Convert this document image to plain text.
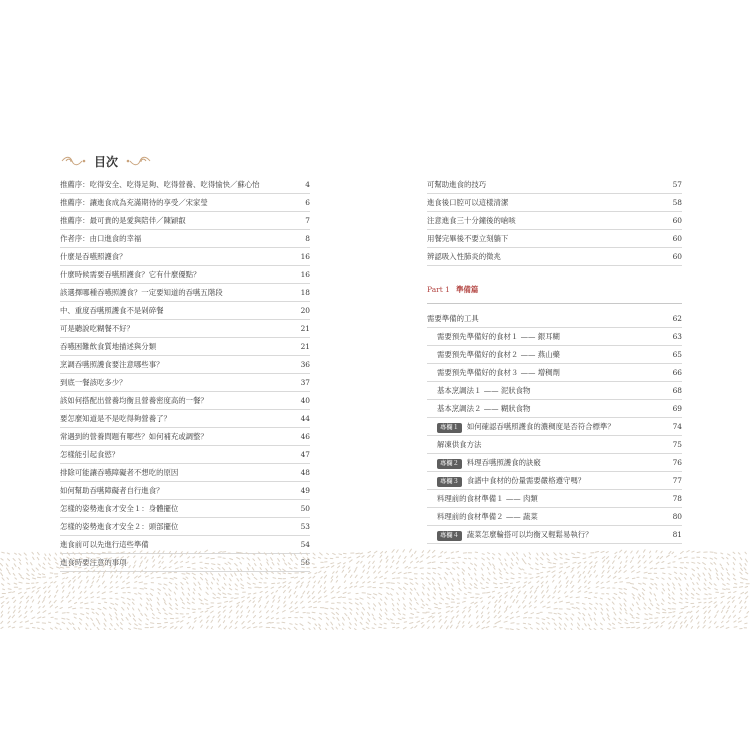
目次
推薦序：吃得安全、吃得足夠、吃得營養、吃得愉快／蘇心怡	4
推薦序：讓進食成為充滿期待的享受／宋家瑩	6
推薦序：最可貴的是愛與陪伴／陳穎叡	7
作者序：由口進食的幸福	8
什麼是吞嚥照護食？	16
什麼時候需要吞嚥照護食？它有什麼優點？	16
該選擇哪種吞嚥照護食？一定要知道的吞嚥五階段	18
中、重度吞嚥照護食不是剁碎餐	20
可是聽說吃糊餐不好？	21
吞嚥困難飲食質地描述與分類	21
烹調吞嚥照護食要注意哪些事？	36
到底一餐該吃多少？	37
該如何搭配出營養均衡且營養密度高的一餐？	40
要怎麼知道是不是吃得夠營養了？	44
常遇到的營養問題有哪些？如何補充或調整？	46
怎樣能引起食慾？	47
排除可能讓吞嚥障礙者不想吃的原因	48
如何幫助吞嚥障礙者自行進食？	49
怎樣的姿勢進食才安全１：身體擺位	50
怎樣的姿勢進食才安全２：頭部擺位	53
進食前可以先進行這些準備	54
進食時要注意的事項	56
可幫助進食的技巧	57
進食後口腔可以這樣清潔	58
注意進食三十分鐘後的嗆咳	60
用餐完畢後不要立刻躺下	60
辨認吸入性肺炎的徵兆	60
Part 1 準備篇
需要準備的工具	62
需要預先準備好的食材１ —— 銀耳糊	63
需要預先準備好的食材２ —— 燕山藥	65
需要預先準備好的食材３ —— 增稠劑	66
基本烹調法１ —— 泥狀食物	68
基本烹調法２ —— 糊狀食物	69
專欄１ 如何確認吞嚥照護食的濃稠度是否符合標準？	74
解凍供食方法	75
專欄２ 料理吞嚥照護食的訣竅	76
專欄３ 食譜中食材的份量需要嚴格遵守嗎？	77
料理前的食材準備１ —— 肉類	78
料理前的食材準備２ —— 蔬菜	80
專欄４ 蔬菜怎麼輪搭可以均衡又輕鬆易執行？	81
